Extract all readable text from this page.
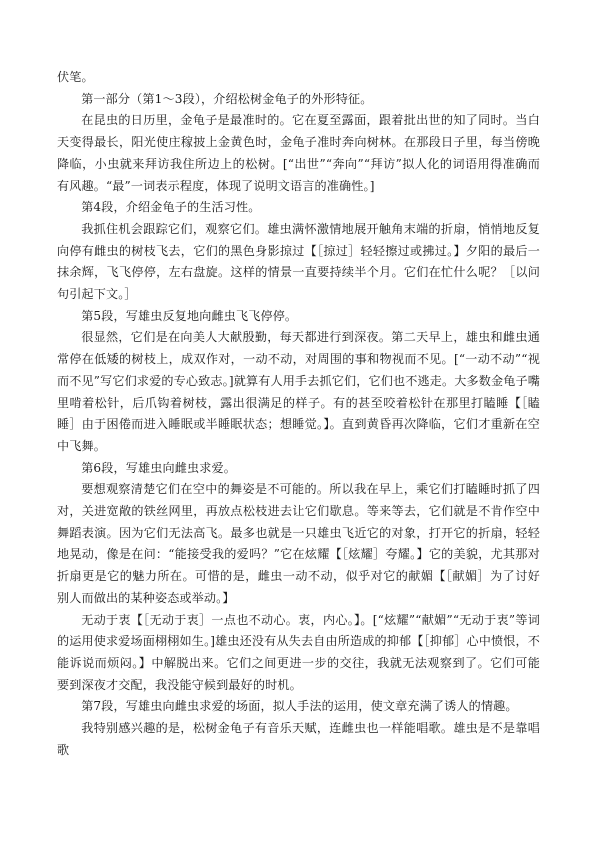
伏笔。

第一部分（第1～3段），介绍松树金龟子的外形特征。

在昆虫的日历里，金龟子是最准时的。它在夏至露面，跟着批出世的知了同时。当白天变得最长，阳光使庄稼披上金黄色时，金龟子准时奔向树林。在那段日子里，每当傍晚降临，小虫就来拜访我住所边上的松树。[“出世”“奔向”“拜访”拟人化的词语用得准确而有风趣。“最”一词表示程度，体现了说明文语言的准确性。]

第4段，介绍金龟子的生活习性。

我抓住机会跟踪它们，观察它们。雄虫满怀激情地展开触角末端的折扇，悄悄地反复向停有雌虫的树枝飞去，它们的黑色身影掠过【［掠过］轻轻擦过或拂过。】夕阳的最后一抹余辉，飞飞停停，左右盘旋。这样的情景一直要持续半个月。它们在忙什么呢？［以问句引起下文。］

第5段，写雄虫反复地向雌虫飞飞停停。

很显然，它们是在向美人大献殷勤，每天都进行到深夜。第二天早上，雄虫和雌虫通常停在低矮的树枝上，成双作对，一动不动，对周围的事和物视而不见。[“一动不动”“视而不见”写它们求爱的专心致志。]就算有人用手去抓它们，它们也不逃走。大多数金龟子嘴里啃着松针，后爪钩着树枝，露出很满足的样子。有的甚至咬着松针在那里打瞌睡【［瞌睡］由于困倦而进入睡眠或半睡眠状态；想睡觉。】。直到黄昏再次降临，它们才重新在空中飞舞。

第6段，写雄虫向雌虫求爱。

要想观察清楚它们在空中的舞姿是不可能的。所以我在早上，乘它们打瞌睡时抓了四对，关进宽敞的铁丝网里，再放点松枝进去让它们歇息。等来等去，它们就是不肯作空中舞蹈表演。因为它们无法高飞。最多也就是一只雄虫飞近它的对象，打开它的折扇，轻轻地晃动，像是在问：“能接受我的爱吗？”它在炫耀【［炫耀］夸耀。】它的美貌，尤其那对折扇更是它的魅力所在。可惜的是，雌虫一动不动，似乎对它的献媚【［献媚］为了讨好别人而做出的某种姿态或举动。】

无动于衷【［无动于衷］一点也不动心。衷，内心。】。[“炫耀”“献媚”“无动于衷”等词的运用使求爱场面栩栩如生。]雄虫还没有从失去自由所造成的抑郁【［抑郁］心中愤恨，不能诉说而烦闷。】中解脱出来。它们之间更进一步的交往，我就无法观察到了。它们可能要到深夜才交配，我没能守候到最好的时机。

第7段，写雄虫向雌虫求爱的场面，拟人手法的运用，使文章充满了诱人的情趣。

我特别感兴趣的是，松树金龟子有音乐天赋，连雌虫也一样能唱歌。雄虫是不是靠唱歌
